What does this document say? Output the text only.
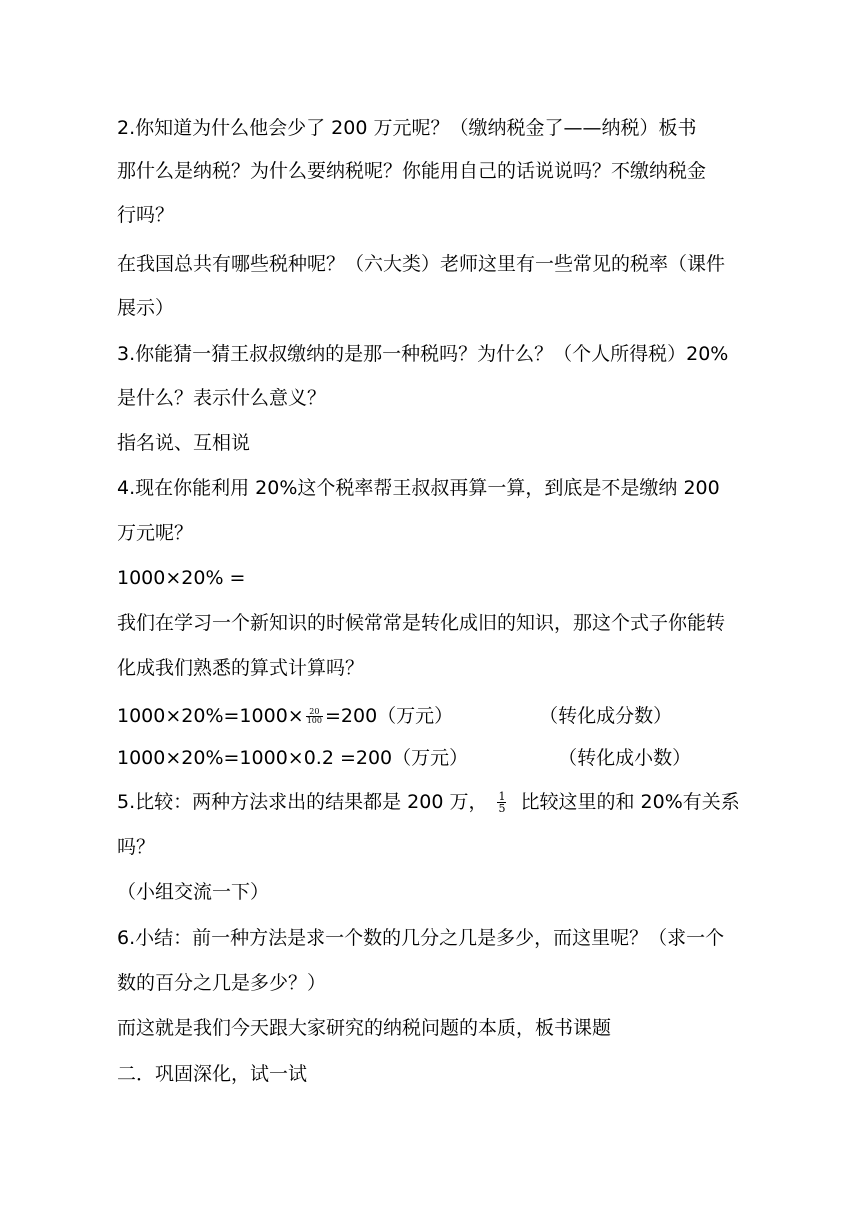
2.你知道为什么他会少了 200 万元呢？（缴纳税金了——纳税）板书
那什么是纳税？为什么要纳税呢？你能用自己的话说说吗？不缴纳税金
行吗？
在我国总共有哪些税种呢？（六大类）老师这里有一些常见的税率（课件
展示）
3.你能猜一猜王叔叔缴纳的是那一种税吗？为什么？（个人所得税）20%
是什么？表示什么意义？
指名说、互相说
4.现在你能利用 20%这个税率帮王叔叔再算一算，到底是不是缴纳 200
万元呢？
1000×20% =
我们在学习一个新知识的时候常常是转化成旧的知识，那这个式子你能转
化成我们熟悉的算式计算吗？
$1000\times 20\%=1000\times \frac{20}{100} =200$（万元）	（转化成分数）
1000×20%=1000×0.2 =200（万元）	（转化成小数）
5.比较：两种方法求出的结果都是 200 万， $\frac{1}{5}$ 比较这里的和 20%有关系
吗？
（小组交流一下）
6.小结：前一种方法是求一个数的几分之几是多少，而这里呢？（求一个
数的百分之几是多少？）
而这就是我们今天跟大家研究的纳税问题的本质，板书课题
二．巩固深化，试一试
